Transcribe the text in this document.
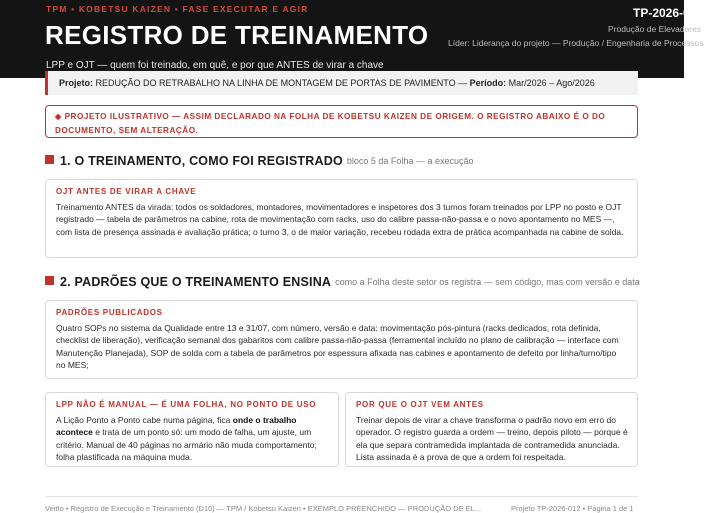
TPM • KOBETSU KAIZEN • FASE EXECUTAR E AGIR
REGISTRO DE TREINAMENTO
LPP e OJT — quem foi treinado, em quê, e por que ANTES de virar a chave
TP-2026-012
Produção de Elevadores
Líder: Liderança do projeto — Produção / Engenharia de Processos
Projeto: REDUÇÃO DO RETRABALHO NA LINHA DE MONTAGEM DE PORTAS DE PAVIMENTO — Período: Mar/2026 – Ago/2026
◆ PROJETO ILUSTRATIVO — ASSIM DECLARADO NA FOLHA DE KOBETSU KAIZEN DE ORIGEM. O REGISTRO ABAIXO É O DO DOCUMENTO, SEM ALTERAÇÃO.
1. O TREINAMENTO, COMO FOI REGISTRADO bloco 5 da Folha — a execução
OJT ANTES DE VIRAR A CHAVE
Treinamento ANTES da virada: todos os soldadores, montadores, movimentadores e inspetores dos 3 turnos foram treinados por LPP no posto e OJT registrado — tabela de parâmetros na cabine, rota de movimentação com racks, uso do calibre passa-não-passa e o novo apontamento no MES —, com lista de presença assinada e avaliação prática; o turno 3, o de maior variação, recebeu rodada extra de prática acompanhada na cabine de solda.
2. PADRÕES QUE O TREINAMENTO ENSINA como a Folha deste setor os registra — sem código, mas com versão e data
PADRÕES PUBLICADOS
Quatro SOPs no sistema da Qualidade entre 13 e 31/07, com número, versão e data: movimentação pós-pintura (racks dedicados, rota definida, checklist de liberação), verificação semanal dos gabaritos com calibre passa-não-passa (ferramental incluído no plano de calibração — interface com Manutenção Planejada), SOP de solda com a tabela de parâmetros por espessura afixada nas cabines e apontamento de defeito por linha/turno/tipo no MES;
LPP NÃO É MANUAL — É UMA FOLHA, NO PONTO DE USO
A Lição Ponto a Ponto cabe numa página, fica onde o trabalho acontece e trata de um ponto só: um modo de falha, um ajuste, um critério. Manual de 40 páginas no armário não muda comportamento; folha plastificada na máquina muda.
POR QUE O OJT VEM ANTES
Treinar depois de virar a chave transforma o padrão novo em erro do operador. O registro guarda a ordem — treino, depois piloto — porque é ela que separa contramedida implantada de contramedida anunciada. Lista assinada é a prova de que a ordem foi respeitada.
Veitto • Registro de Execução e Treinamento (D10) — TPM / Kobetsu Kaizen • EXEMPLO PREENCHIDO — PRODUÇÃO DE EL…	Projeto TP-2026-012 • Página 1 de 1
